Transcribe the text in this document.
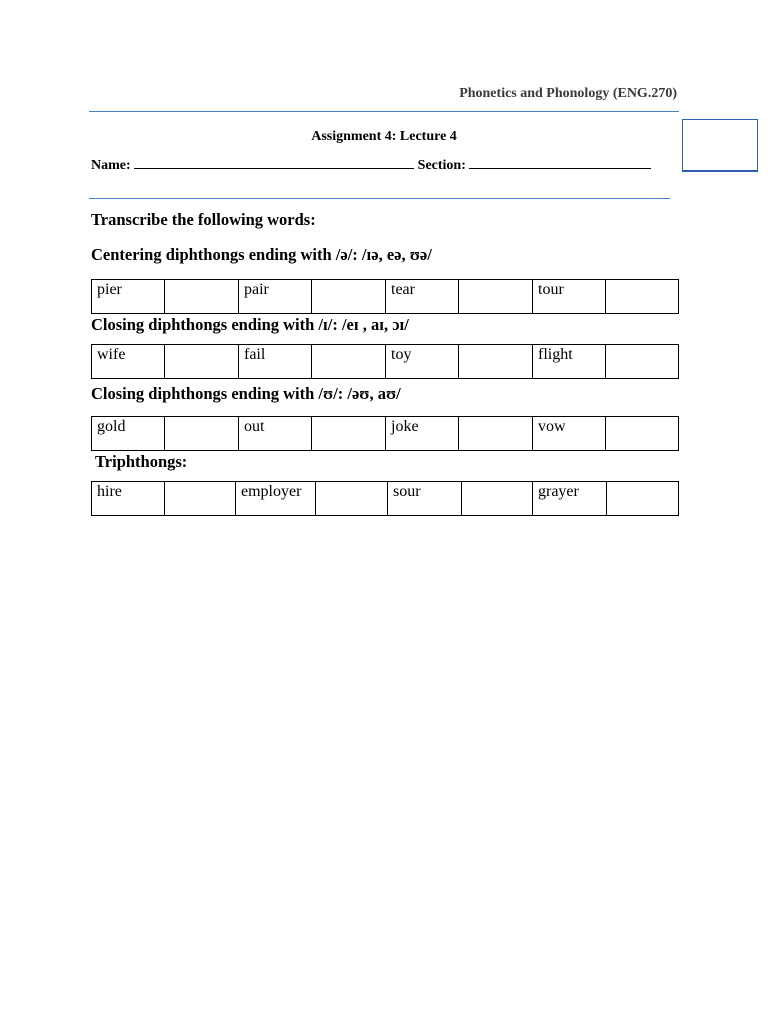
Phonetics and Phonology (ENG.270)
Assignment 4: Lecture 4
Name:	Section:
Transcribe the following words:
Centering diphthongs ending with /ə/: /ɪə, eə, ʊə/
pier		pair		tear		tour	
Closing diphthongs ending with /ɪ/: /eɪ , aɪ, ɔɪ/
wife		fail		toy		flight	
Closing diphthongs ending with /ʊ/: /əʊ, aʊ/
gold		out		joke		vow	
Triphthongs:
hire		employer		sour		grayer	
